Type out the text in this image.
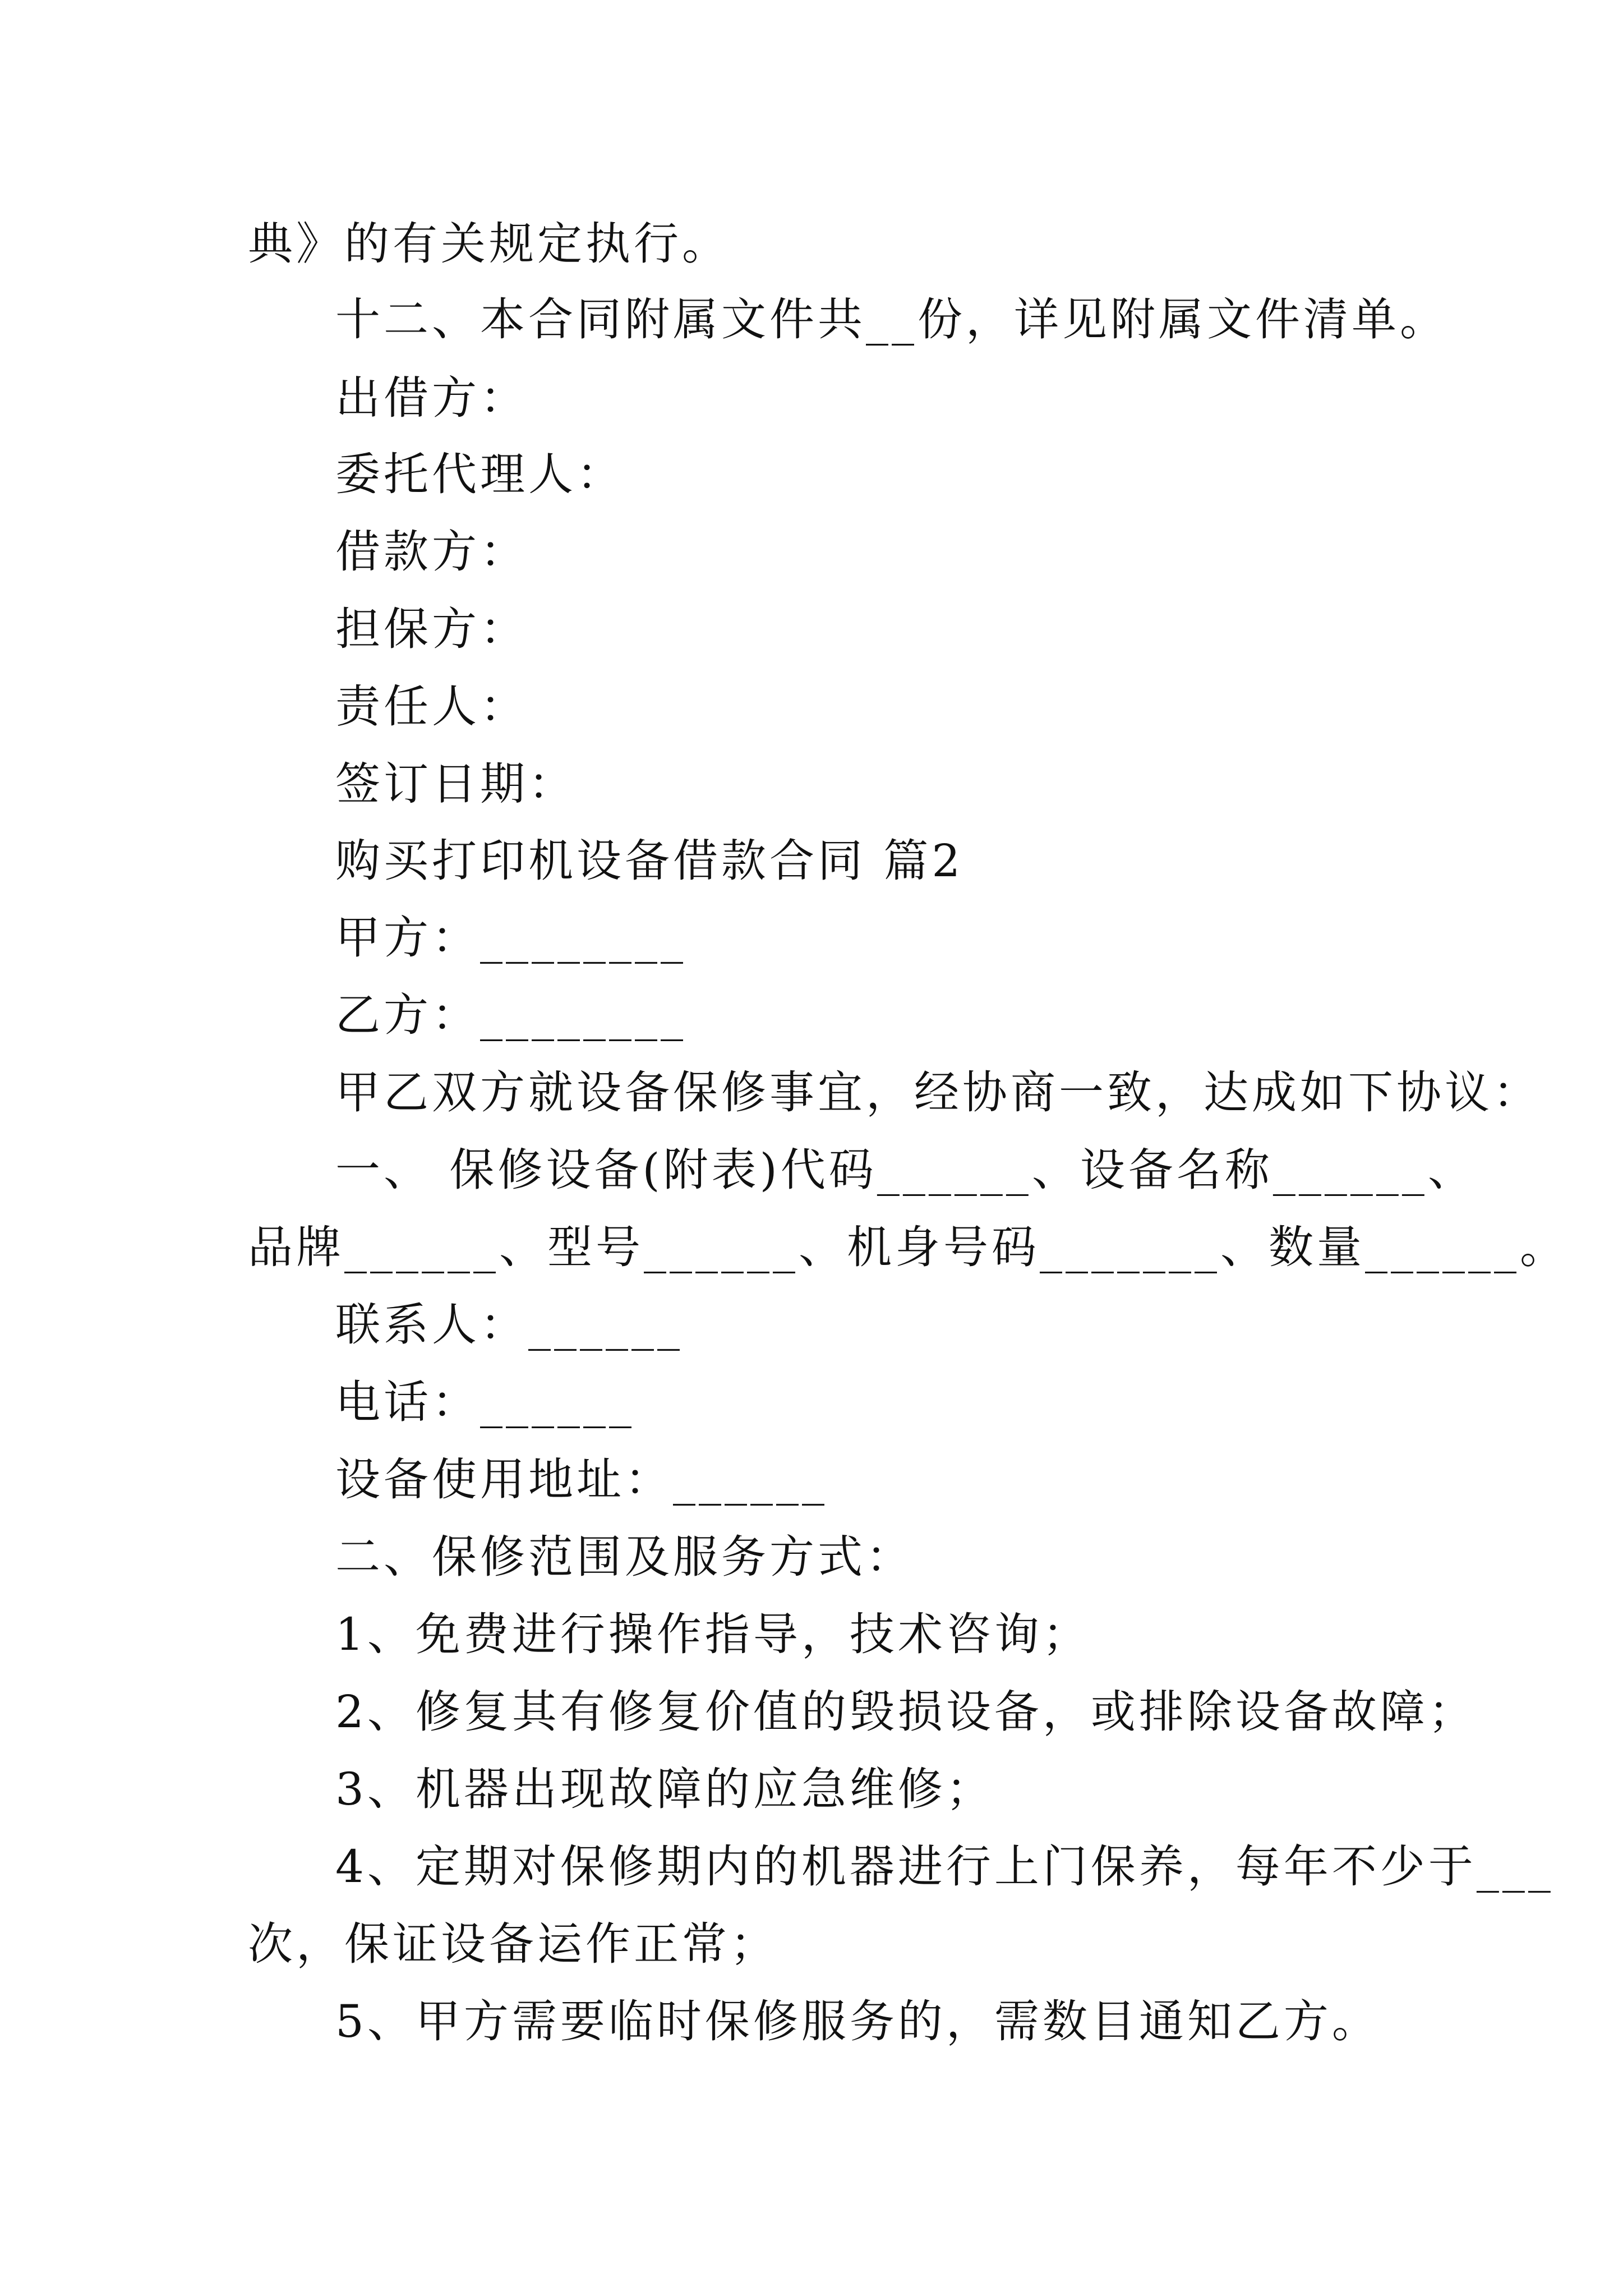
典》的有关规定执行。
十二、本合同附属文件共__份，详见附属文件清单。
出借方：
委托代理人：
借款方：
担保方：
责任人：
签订日期：
购买打印机设备借款合同 篇2
甲方：________
乙方：________
甲乙双方就设备保修事宜，经协商一致，达成如下协议：
一、 保修设备(附表)代码______、设备名称______、
品牌______、型号______、机身号码_______、数量______。
联系人：______
电话：______
设备使用地址：______
二、保修范围及服务方式：
1、免费进行操作指导，技术咨询；
2、修复其有修复价值的毁损设备，或排除设备故障；
3、机器出现故障的应急维修；
4、定期对保修期内的机器进行上门保养，每年不少于___
次，保证设备运作正常；
5、甲方需要临时保修服务的，需数目通知乙方。
